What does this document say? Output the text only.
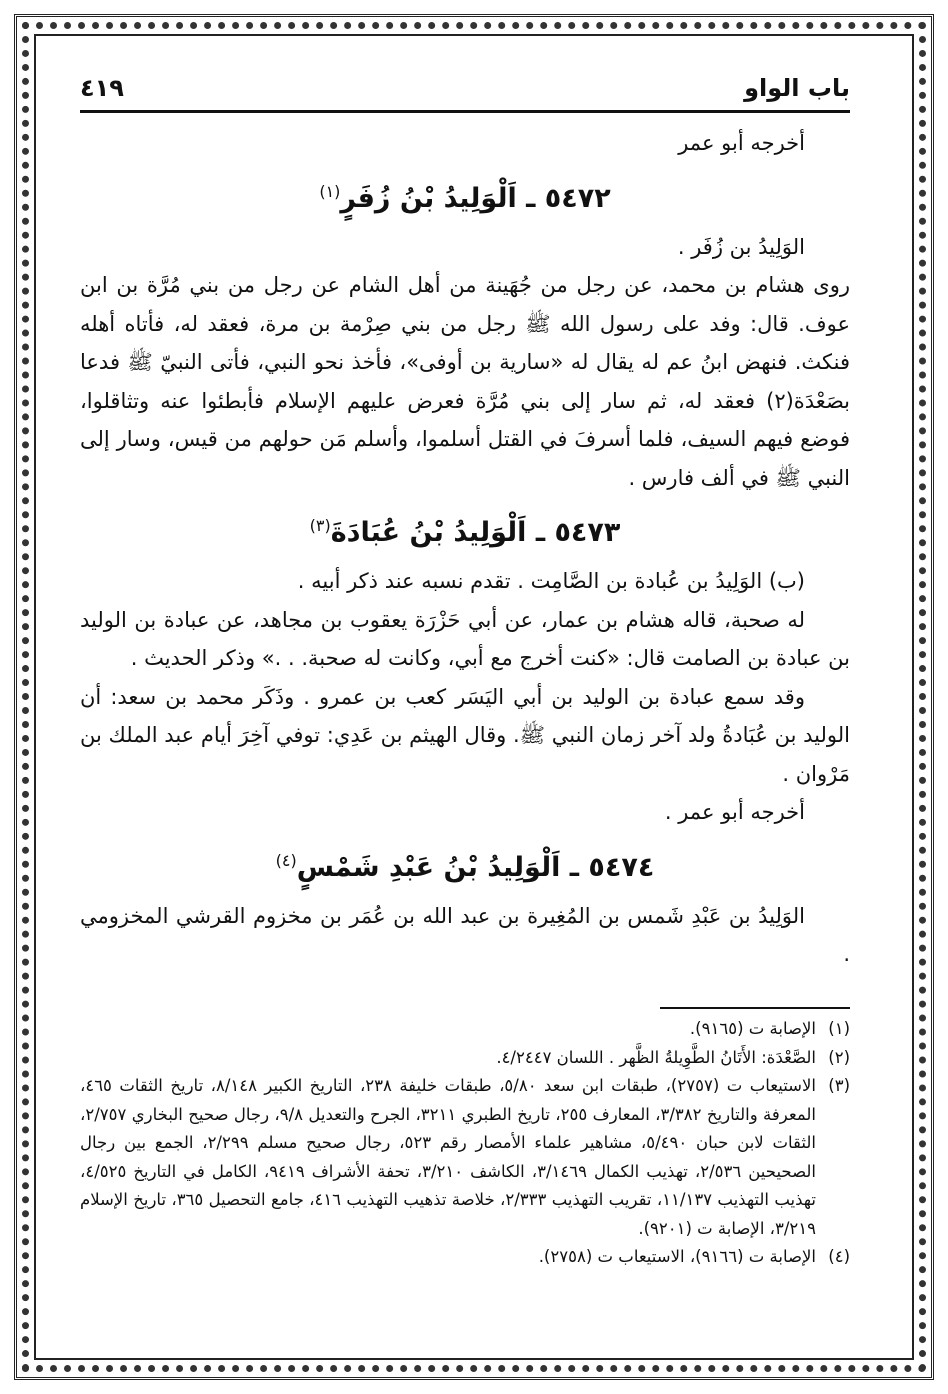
باب الواو
٤١٩

أخرجه أبو عمر

٥٤٧٢ ـ اَلْوَلِيدُ بْنُ زُفَرٍ$^{(١)}$

الوَلِيدُ بن زُفَر .

روى هشام بن محمد، عن رجل من جُهَينة من أهل الشام عن رجل من بني مُرَّة بن ابن عوف. قال: وفد على رسول الله ﷺ رجل من بني صِرْمة بن مرة، فعقد له، فأتاه أهله فنكث. فنهض ابنُ عم له يقال له «سارية بن أوفى»، فأخذ نحو النبي، فأتى النبيّ ﷺ فدعا بصَعْدَة(٢) فعقد له، ثم سار إلى بني مُرَّة فعرض عليهم الإسلام فأبطئوا عنه وتثاقلوا، فوضع فيهم السيف، فلما أسرفَ في القتل أسلموا، وأسلم مَن حولهم من قيس، وسار إلى النبي ﷺ في ألف فارس .

٥٤٧٣ ـ اَلْوَلِيدُ بْنُ عُبَادَةَ$^{(٣)}$

(ب) الوَلِيدُ بن عُبادة بن الصَّامِت . تقدم نسبه عند ذكر أبيه .

له صحبة، قاله هشام بن عمار، عن أبي حَزْرَة يعقوب بن مجاهد، عن عبادة بن الوليد بن عبادة بن الصامت قال: «كنت أخرج مع أبي، وكانت له صحبة. . .» وذكر الحديث .

وقد سمع عبادة بن الوليد بن أبي اليَسَر كعب بن عمرو . وذَكَر محمد بن سعد: أن الوليد بن عُبَادةُ ولد آخر زمان النبي ﷺ. وقال الهيثم بن عَدِي: توفي آخِرَ أيام عبد الملك بن مَرْوان .

أخرجه أبو عمر .

٥٤٧٤ ـ اَلْوَلِيدُ بْنُ عَبْدِ شَمْسٍ$^{(٤)}$

الوَلِيدُ بن عَبْدِ شَمس بن المُغِيرة بن عبد الله بن عُمَر بن مخزوم القرشي المخزومي .

(١)
الإصابة ت (٩١٦٥).
(٢)
الصَّعْدَة: الأَتَانُ الطَّوِيلةُ الظَّهر . اللسان ٤/٢٤٤٧.
(٣)
الاستيعاب ت (٢٧٥٧)، طبقات ابن سعد ٥/٨٠، طبقات خليفة ٢٣٨، التاريخ الكبير ٨/١٤٨، تاريخ الثقات ٤٦٥، المعرفة والتاريخ ٣/٣٨٢، المعارف ٢٥٥، تاريخ الطبري ٣٢١١، الجرح والتعديل ٩/٨، رجال صحيح البخاري ٢/٧٥٧، الثقات لابن حبان ٥/٤٩٠، مشاهير علماء الأمصار رقم ٥٢٣، رجال صحيح مسلم ٢/٢٩٩، الجمع بين رجال الصحيحين ٢/٥٣٦، تهذيب الكمال ٣/١٤٦٩، الكاشف ٣/٢١٠، تحفة الأشراف ٩٤١٩، الكامل في التاريخ ٤/٥٢٥، تهذيب التهذيب ١١/١٣٧، تقريب التهذيب ٢/٣٣٣، خلاصة تذهيب التهذيب ٤١٦، جامع التحصيل ٣٦٥، تاريخ الإسلام ٣/٢١٩، الإصابة ت (٩٢٠١).
(٤)
الإصابة ت (٩١٦٦)، الاستيعاب ت (٢٧٥٨).
